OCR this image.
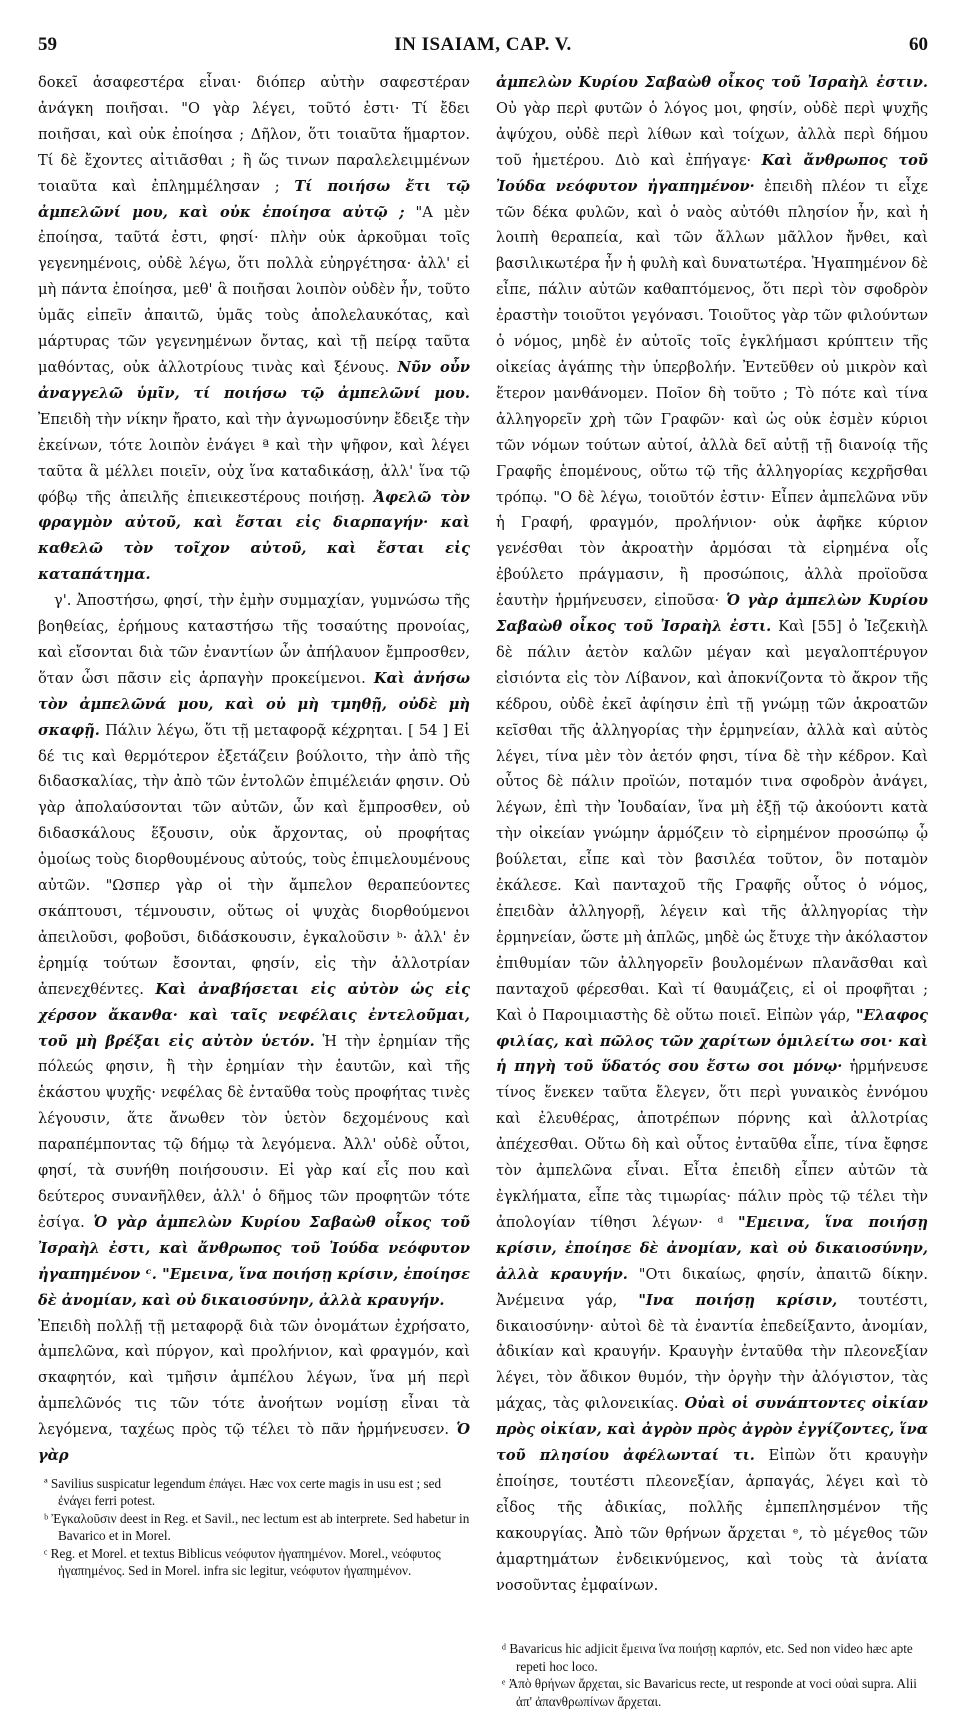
59	IN ISAIAM, CAP. V.	60

δοκεῖ ἀσαφεστέρα εἶναι· διόπερ αὐτὴν σαφεστέραν ἀνάγκη ποιῆσαι. "Ο γὰρ λέγει, τοῦτό ἐστι· Τί ἔδει ποιῆσαι, καὶ οὐκ ἐποίησα ; Δῆλον, ὅτι τοιαῦτα ἥμαρτον. Τί δὲ ἔχοντες αἰτιᾶσθαι ; ἢ ὥς τινων παραλελειμμένων τοιαῦτα καὶ ἐπλημμέλησαν ; Τί ποιήσω ἔτι τῷ ἀμπελῶνί μου, καὶ οὐκ ἐποίησα αὐτῷ ; "Α μὲν ἐποίησα, ταῦτά ἐστι, φησί· πλὴν οὐκ ἀρκοῦμαι τοῖς γεγενημένοις, οὐδὲ λέγω, ὅτι πολλὰ εὐηργέτησα· ἀλλ' εἰ μὴ πάντα ἐποίησα, μεθ' ἃ ποιῆσαι λοιπὸν οὐδὲν ἦν, τοῦτο ὑμᾶς εἰπεῖν ἀπαιτῶ, ὑμᾶς τοὺς ἀπολελαυκότας, καὶ μάρτυρας τῶν γεγενημένων ὄντας, καὶ τῇ πείρᾳ ταῦτα μαθόντας, οὐκ ἀλλοτρίους τινὰς καὶ ξένους. Νῦν οὖν ἀναγγελῶ ὑμῖν, τί ποιήσω τῷ ἀμπελῶνί μου. Ἐπειδὴ τὴν νίκην ἤρατο, καὶ τὴν ἀγνωμοσύνην ἔδειξε τὴν ἐκείνων, τότε λοιπὸν ἐνάγει ª καὶ τὴν ψῆφον, καὶ λέγει ταῦτα ἃ μέλλει ποιεῖν, οὐχ ἵνα καταδικάσῃ, ἀλλ' ἵνα τῷ φόβῳ τῆς ἀπειλῆς ἐπιεικεστέρους ποιήσῃ. Ἀφελῶ τὸν φραγμὸν αὐτοῦ, καὶ ἔσται εἰς διαρπαγήν· καὶ καθελῶ τὸν τοῖχον αὐτοῦ, καὶ ἔσται εἰς καταπάτημα.

γ'. Ἀποστήσω, φησί, τὴν ἐμὴν συμμαχίαν, γυμνώσω τῆς βοηθείας, ἐρήμους καταστήσω τῆς τοσαύτης προνοίας, καὶ εἴσονται διὰ τῶν ἐναντίων ὧν ἀπήλαυον ἔμπροσθεν, ὅταν ὦσι πᾶσιν εἰς ἁρπαγὴν προκείμενοι. Καὶ ἀνήσω τὸν ἀμπελῶνά μου, καὶ οὐ μὴ τμηθῇ, οὐδὲ μὴ σκαφῇ. Πάλιν λέγω, ὅτι τῇ μεταφορᾷ κέχρηται. [ 54 ] Εἰ δέ τις καὶ θερμότερον ἐξετάζειν βούλοιτο, τὴν ἀπὸ τῆς διδασκαλίας, τὴν ἀπὸ τῶν ἐντολῶν ἐπιμέλειάν φησιν. Οὐ γὰρ ἀπολαύσονται τῶν αὐτῶν, ὧν καὶ ἔμπροσθεν, οὐ διδασκάλους ἕξουσιν, οὐκ ἄρχοντας, οὐ προφήτας ὁμοίως τοὺς διορθουμένους αὐτούς, τοὺς ἐπιμελουμένους αὐτῶν. "Ωσπερ γὰρ οἱ τὴν ἄμπελον θεραπεύοντες σκάπτουσι, τέμνουσιν, οὕτως οἱ ψυχὰς διορθούμενοι ἀπειλοῦσι, φοβοῦσι, διδάσκουσιν, ἐγκαλοῦσιν ᵇ· ἀλλ' ἐν ἐρημίᾳ τούτων ἔσονται, φησίν, εἰς τὴν ἀλλοτρίαν ἀπενεχθέντες. Καὶ ἀναβήσεται εἰς αὐτὸν ὡς εἰς χέρσον ἄκανθα· καὶ ταῖς νεφέλαις ἐντελοῦμαι, τοῦ μὴ βρέξαι εἰς αὐτὸν ὑετόν. Ἡ τὴν ἐρημίαν τῆς πόλεώς φησιν, ἢ τὴν ἐρημίαν τὴν ἑαυτῶν, καὶ τῆς ἑκάστου ψυχῆς· νεφέλας δὲ ἐνταῦθα τοὺς προφήτας τινὲς λέγουσιν, ἅτε ἄνωθεν τὸν ὑετὸν δεχομένους καὶ παραπέμποντας τῷ δήμῳ τὰ λεγόμενα. Ἀλλ' οὐδὲ οὗτοι, φησί, τὰ συνήθη ποιήσουσιν. Εἰ γὰρ καί εἶς που καὶ δεύτερος συνανῆλθεν, ἀλλ' ὁ δῆμος τῶν προφητῶν τότε ἐσίγα. Ὁ γὰρ ἀμπελὼν Κυρίου Σαβαὼθ οἶκος τοῦ Ἰσραὴλ ἐστι, καὶ ἄνθρωπος τοῦ Ἰούδα νεόφυτον ἠγαπημένον ᶜ. "Εμεινα, ἵνα ποιήσῃ κρίσιν, ἐποίησε δὲ ἀνομίαν, καὶ οὐ δικαιοσύνην, ἀλλὰ κραυγήν.

Ἐπειδὴ πολλῇ τῇ μεταφορᾷ διὰ τῶν ὀνομάτων ἐχρήσατο, ἀμπελῶνα, καὶ πύργον, καὶ προλήνιον, καὶ φραγμόν, καὶ σκαφητόν, καὶ τμῆσιν ἀμπέλου λέγων, ἵνα μή περὶ ἀμπελῶνός τις τῶν τότε ἀνοήτων νομίσῃ εἶναι τὰ λεγόμενα, ταχέως πρὸς τῷ τέλει τὸ πᾶν ἡρμήνευσεν. Ὁ γὰρ

ª Savilius suspicatur legendum ἐπάγει. Hæc vox certe magis in usu est ; sed ἐνάγει ferri potest.

ᵇ Ἐγκαλοῦσιν deest in Reg. et Savil., nec lectum est ab interprete. Sed habetur in Bavarico et in Morel.

ᶜ Reg. et Morel. et textus Biblicus νεόφυτον ἠγαπημένον. Morel., νεόφυτος ἠγαπημένος. Sed in Morel. infra sic legitur, νεόφυτον ἠγαπημένον.

ἀμπελὼν Κυρίου Σαβαὼθ οἶκος τοῦ Ἰσραὴλ ἐστιν. Οὐ γὰρ περὶ φυτῶν ὁ λόγος μοι, φησίν, οὐδὲ περὶ ψυχῆς ἀψύχου, οὐδὲ περὶ λίθων καὶ τοίχων, ἀλλὰ περὶ δήμου τοῦ ἡμετέρου. Διὸ καὶ ἐπήγαγε· Καὶ ἄνθρωπος τοῦ Ἰούδα νεόφυτον ἠγαπημένον· ἐπειδὴ πλέον τι εἶχε τῶν δέκα φυλῶν, καὶ ὁ ναὸς αὐτόθι πλησίον ἦν, καὶ ἡ λοιπὴ θεραπεία, καὶ τῶν ἄλλων μᾶλλον ἤνθει, καὶ βασιλικωτέρα ἦν ἡ φυλὴ καὶ δυνατωτέρα. Ἠγαπημένον δὲ εἶπε, πάλιν αὐτῶν καθαπτόμενος, ὅτι περὶ τὸν σφοδρὸν ἐραστὴν τοιοῦτοι γεγόνασι. Τοιοῦτος γὰρ τῶν φιλούντων ὁ νόμος, μηδὲ ἐν αὐτοῖς τοῖς ἐγκλήμασι κρύπτειν τῆς οἰκείας ἀγάπης τὴν ὑπερβολήν. Ἐντεῦθεν οὐ μικρὸν καὶ ἕτερον μανθάνομεν. Ποῖον δὴ τοῦτο ; Τὸ πότε καὶ τίνα ἀλληγορεῖν χρὴ τῶν Γραφῶν· καὶ ὡς οὐκ ἐσμὲν κύριοι τῶν νόμων τούτων αὐτοί, ἀλλὰ δεῖ αὐτῇ τῇ διανοίᾳ τῆς Γραφῆς ἑπομένους, οὕτω τῷ τῆς ἀλληγορίας κεχρῆσθαι τρόπῳ. "Ο δὲ λέγω, τοιοῦτόν ἐστιν· Εἶπεν ἀμπελῶνα νῦν ἡ Γραφή, φραγμόν, προλήνιον· οὐκ ἀφῆκε κύριον γενέσθαι τὸν ἀκροατὴν ἁρμόσαι τὰ εἰρημένα οἷς ἐβούλετο πράγμασιν, ἢ προσώποις, ἀλλὰ προϊοῦσα ἑαυτὴν ἡρμήνευσεν, εἰποῦσα· Ὁ γὰρ ἀμπελὼν Κυρίου Σαβαὼθ οἶκος τοῦ Ἰσραὴλ ἐστι. Καὶ [55] ὁ Ἰεζεκιὴλ δὲ πάλιν ἀετὸν καλῶν μέγαν καὶ μεγαλοπτέρυγον εἰσιόντα εἰς τὸν Λίβανον, καὶ ἀποκνίζοντα τὸ ἄκρον τῆς κέδρου, οὐδὲ ἐκεῖ ἀφίησιν ἐπὶ τῇ γνώμῃ τῶν ἀκροατῶν κεῖσθαι τῆς ἀλληγορίας τὴν ἑρμηνείαν, ἀλλὰ καὶ αὐτὸς λέγει, τίνα μὲν τὸν ἀετόν φησι, τίνα δὲ τὴν κέδρον. Καὶ οὗτος δὲ πάλιν προϊών, ποταμόν τινα σφοδρὸν ἀνάγει, λέγων, ἐπὶ τὴν Ἰουδαίαν, ἵνα μὴ ἐξῇ τῷ ἀκούοντι κατὰ τὴν οἰκείαν γνώμην ἁρμόζειν τὸ εἰρημένον προσώπῳ ᾧ βούλεται, εἶπε καὶ τὸν βασιλέα τοῦτον, ὃν ποταμὸν ἐκάλεσε. Καὶ πανταχοῦ τῆς Γραφῆς οὗτος ὁ νόμος, ἐπειδὰν ἀλληγορῇ, λέγειν καὶ τῆς ἀλληγορίας τὴν ἑρμηνείαν, ὥστε μὴ ἁπλῶς, μηδὲ ὡς ἔτυχε τὴν ἀκόλαστον ἐπιθυμίαν τῶν ἀλληγορεῖν βουλομένων πλανᾶσθαι καὶ πανταχοῦ φέρεσθαι. Καὶ τί θαυμάζεις, εἰ οἱ προφῆται ; Καὶ ὁ Παροιμιαστὴς δὲ οὕτω ποιεῖ. Εἰπὼν γάρ, "Ελαφος φιλίας, καὶ πῶλος τῶν χαρίτων ὁμιλείτω σοι· καὶ ἡ πηγὴ τοῦ ὕδατός σου ἔστω σοι μόνῳ· ἡρμήνευσε τίνος ἕνεκεν ταῦτα ἔλεγεν, ὅτι περὶ γυναικὸς ἐννόμου καὶ ἐλευθέρας, ἀποτρέπων πόρνης καὶ ἀλλοτρίας ἀπέχεσθαι. Οὕτω δὴ καὶ οὗτος ἐνταῦθα εἶπε, τίνα ἔφησε τὸν ἀμπελῶνα εἶναι. Εἶτα ἐπειδὴ εἶπεν αὐτῶν τὰ ἐγκλήματα, εἶπε τὰς τιμωρίας· πάλιν πρὸς τῷ τέλει τὴν ἀπολογίαν τίθησι λέγων· ᵈ "Εμεινα, ἵνα ποιήσῃ κρίσιν, ἐποίησε δὲ ἀνομίαν, καὶ οὐ δικαιοσύνην, ἀλλὰ κραυγήν. "Οτι δικαίως, φησίν, ἀπαιτῶ δίκην. Ἀνέμεινα γάρ, "Ινα ποιήσῃ κρίσιν, τουτέστι, δικαιοσύνην· αὐτοὶ δὲ τὰ ἐναντία ἐπεδείξαντο, ἀνομίαν, ἀδικίαν καὶ κραυγήν. Κραυγὴν ἐνταῦθα τὴν πλεονεξίαν λέγει, τὸν ἄδικον θυμόν, τὴν ὀργὴν τὴν ἀλόγιστον, τὰς μάχας, τὰς φιλονεικίας. Οὐαὶ οἱ συνάπτοντες οἰκίαν πρὸς οἰκίαν, καὶ ἀγρὸν πρὸς ἀγρὸν ἐγγίζοντες, ἵνα τοῦ πλησίου ἀφέλωνταί τι. Εἰπὼν ὅτι κραυγὴν ἐποίησε, τουτέστι πλεονεξίαν, ἁρπαγάς, λέγει καὶ τὸ εἶδος τῆς ἀδικίας, πολλῆς ἐμπεπλησμένον τῆς κακουργίας. Ἀπὸ τῶν θρήνων ἄρχεται ᵉ, τὸ μέγεθος τῶν ἁμαρτημάτων ἐνδεικνύμενος, καὶ τοὺς τὰ ἀνίατα νοσοῦντας ἐμφαίνων.

ᵈ Bavaricus hic adjicit ἔμεινα ἵνα ποιήσῃ καρπόν, etc. Sed non video hæc apte repeti hoc loco.

ᵉ Ἀπὸ θρήνων ἄρχεται, sic Bavaricus recte, ut responde at voci οὐαὶ supra. Alii ἀπ' ἀπανθρωπίνων ἄρχεται.
